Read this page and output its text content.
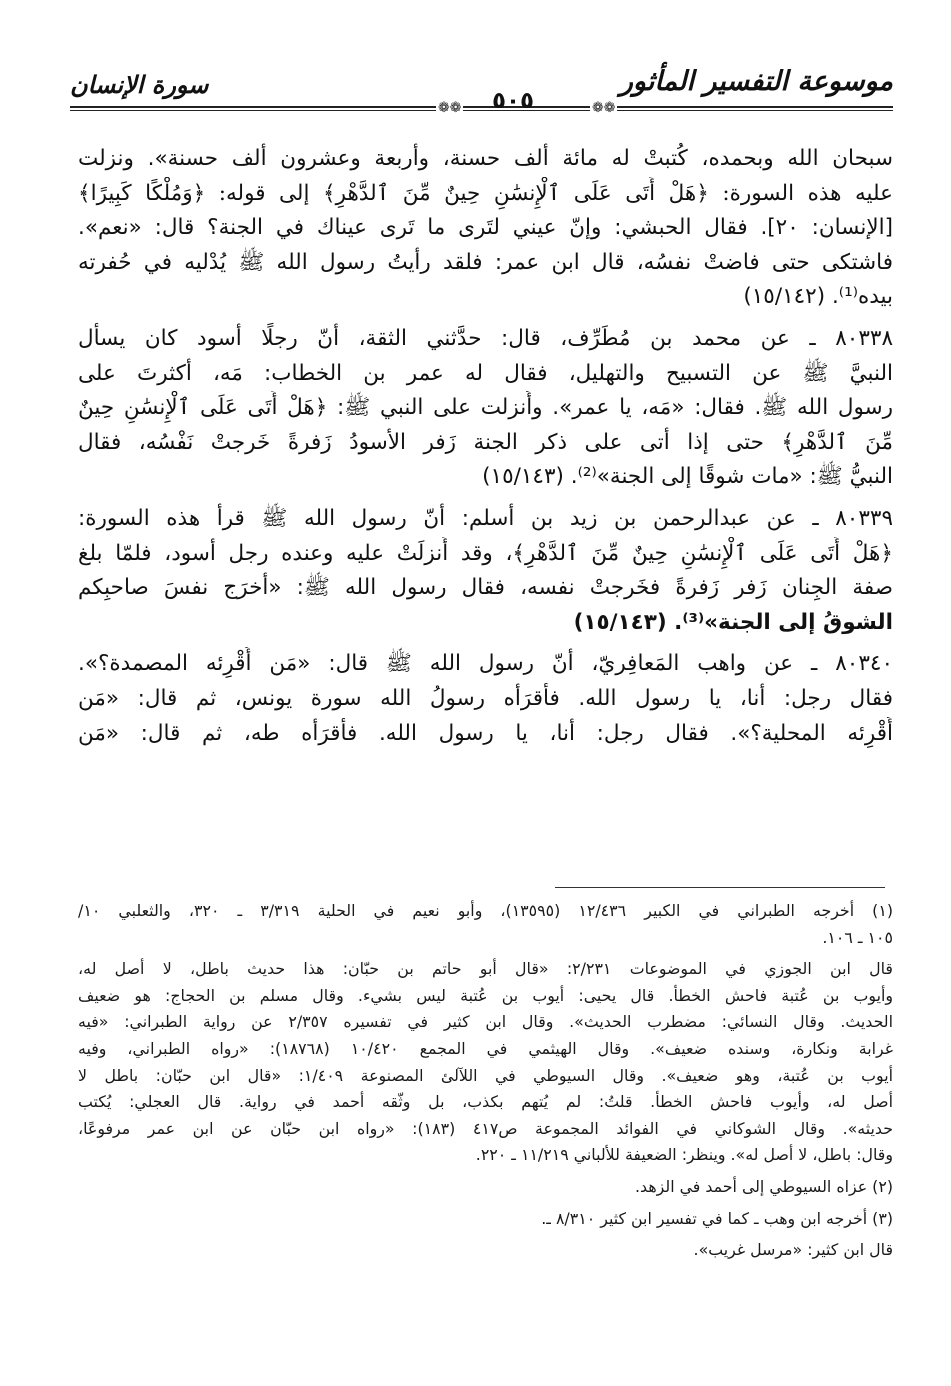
موسوعة التفسير المأثور
سورة الإنسان
❁❁	❁❁
٥٠٥
سبحان الله وبحمده، كُتبتْ له مائة ألف حسنة، وأربعة وعشرون ألف حسنة». ونزلت
عليه هذه السورة: ﴿هَلْ أَتَى عَلَى ٱلْإِنسَٰنِ حِينٌ مِّنَ ٱلدَّهْرِ﴾ إلى قوله: ﴿وَمُلْكًا كَبِيرًا﴾
[الإنسان: ٢٠]. فقال الحبشي: وإنّ عيني لتَرى ما تَرى عيناك في الجنة؟ قال: «نعم».
فاشتكى حتى فاضتْ نفسُه، قال ابن عمر: فلقد رأيتُ رسول الله ﷺ يُدْليه في حُفرته
بيده⁽¹⁾. (١٥/١٤٢)
٨٠٣٣٨ ـ عن محمد بن مُطَرِّف، قال: حدَّثني الثقة، أنّ رجلًا أسود كان يسأل
النبيَّ ﷺ عن التسبيح والتهليل، فقال له عمر بن الخطاب: مَه، أكثرتَ على
رسول الله ﷺ. فقال: «مَه، يا عمر». وأُنزلت على النبي ﷺ: ﴿هَلْ أَتَى عَلَى ٱلْإِنسَٰنِ حِينٌ
مِّنَ ٱلدَّهْرِ﴾ حتى إذا أتى على ذكر الجنة زَفر الأسودُ زَفرةً خَرجتْ نَفْسُه، فقال
النبيُّ ﷺ: «مات شوقًا إلى الجنة»⁽²⁾. (١٥/١٤٣)
٨٠٣٣٩ ـ عن عبدالرحمن بن زيد بن أسلم: أنّ رسول الله ﷺ قرأ هذه السورة:
﴿هَلْ أَتَى عَلَى ٱلْإِنسَٰنِ حِينٌ مِّنَ ٱلدَّهْرِ﴾، وقد أُنزلَتْ عليه وعنده رجل أسود، فلمّا بلغ
صفة الجِنان زَفر زَفرةً فخَرجتْ نفسه، فقال رسول الله ﷺ: «أخرَج نفسَ صاحبِكم
الشوقُ إلى الجنة»⁽³⁾. (١٥/١٤٣)
٨٠٣٤٠ ـ عن واهب المَعافِريّ، أنّ رسول الله ﷺ قال: «مَن أُقْرِئه المصمدة؟».
فقال رجل: أنا، يا رسول الله. فأَقرَأه رسولُ الله سورة يونس، ثم قال: «مَن
أُقْرِئه المحلية؟». فقال رجل: أنا، يا رسول الله. فأَقرَأه طه، ثم قال: «مَن
(١) أخرجه الطبراني في الكبير ١٢/٤٣٦ (١٣٥٩٥)، وأبو نعيم في الحلية ٣/٣١٩ ـ ٣٢٠، والثعلبي ١٠/
١٠٥ ـ ١٠٦.
قال ابن الجوزي في الموضوعات ٢/٢٣١: «قال أبو حاتم بن حبّان: هذا حديث باطل، لا أصل له،
وأيوب بن عُتبة فاحش الخطأ. قال يحيى: أيوب بن عُتبة ليس بشيء. وقال مسلم بن الحجاج: هو ضعيف
الحديث. وقال النسائي: مضطرب الحديث». وقال ابن كثير في تفسيره ٢/٣٥٧ عن رواية الطبراني: «فيه
غرابة ونكارة، وسنده ضعيف». وقال الهيثمي في المجمع ١٠/٤٢٠ (١٨٧٦٨): «رواه الطبراني، وفيه
أيوب بن عُتبة، وهو ضعيف». وقال السيوطي في اللآلئ المصنوعة ١/٤٠٩: «قال ابن حبّان: باطل لا
أصل له، وأيوب فاحش الخطأ. قلتُ: لم يُتهم بكذب، بل وثّقه أحمد في رواية. قال العجلي: يُكتب
حديثه». وقال الشوكاني في الفوائد المجموعة ص٤١٧ (١٨٣): «رواه ابن حبّان عن ابن عمر مرفوعًا،
وقال: باطل، لا أصل له». وينظر: الضعيفة للألباني ١١/٢١٩ ـ ٢٢٠.
(٢) عزاه السيوطي إلى أحمد في الزهد.
(٣) أخرجه ابن وهب ـ كما في تفسير ابن كثير ٨/٣١٠ ـ.
قال ابن كثير: «مرسل غريب».
